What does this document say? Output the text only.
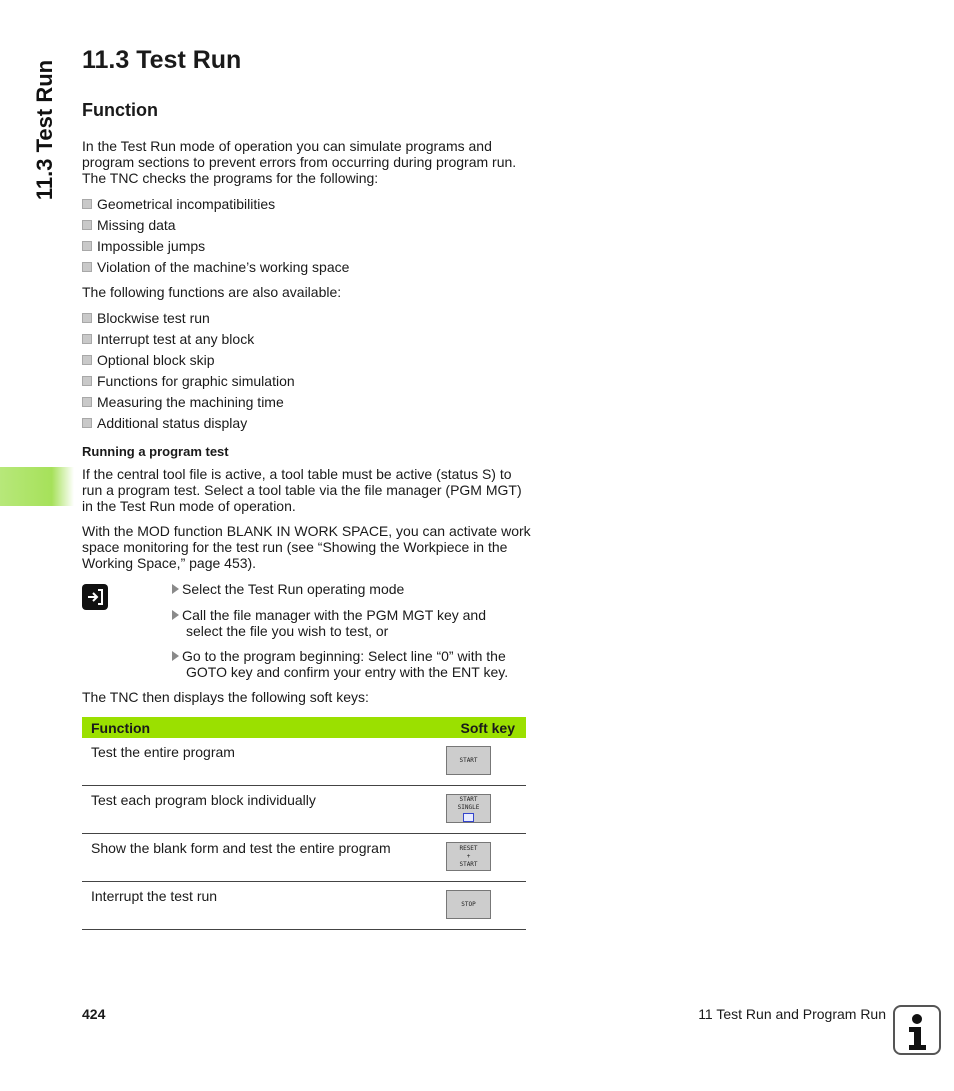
11.3 Test Run 11.3 Test Run
Function

In the Test Run mode of operation you can simulate programs and program sections to prevent errors from occurring during program run. The TNC checks the programs for the following:

Geometrical incompatibilities
Missing data
Impossible jumps
Violation of the machine’s working space

The following functions are also available:

Blockwise test run
Interrupt test at any block
Optional block skip
Functions for graphic simulation
Measuring the machining time
Additional status display
Running a program test

If the central tool file is active, a tool table must be active (status S) to run a program test. Select a tool table via the file manager (PGM MGT) in the Test Run mode of operation.

With the MOD function BLANK IN WORK SPACE, you can activate work space monitoring for the test run (see “Showing the Workpiece in the Working Space,” page 453).

Select the Test Run operating mode
Call the file manager with the PGM MGT key and
select the file you wish to test, or
Go to the program beginning: Select line “0” with the
GOTO key and confirm your entry with the ENT key.

The TNC then displays the following soft keys:

Function	Soft key

Test the entire program	START

Test each program block individually	START
SINGLE

Show the blank form and test the entire program	RESET
+
START

Interrupt the test run	STOP
424	11 Test Run and Program Run
